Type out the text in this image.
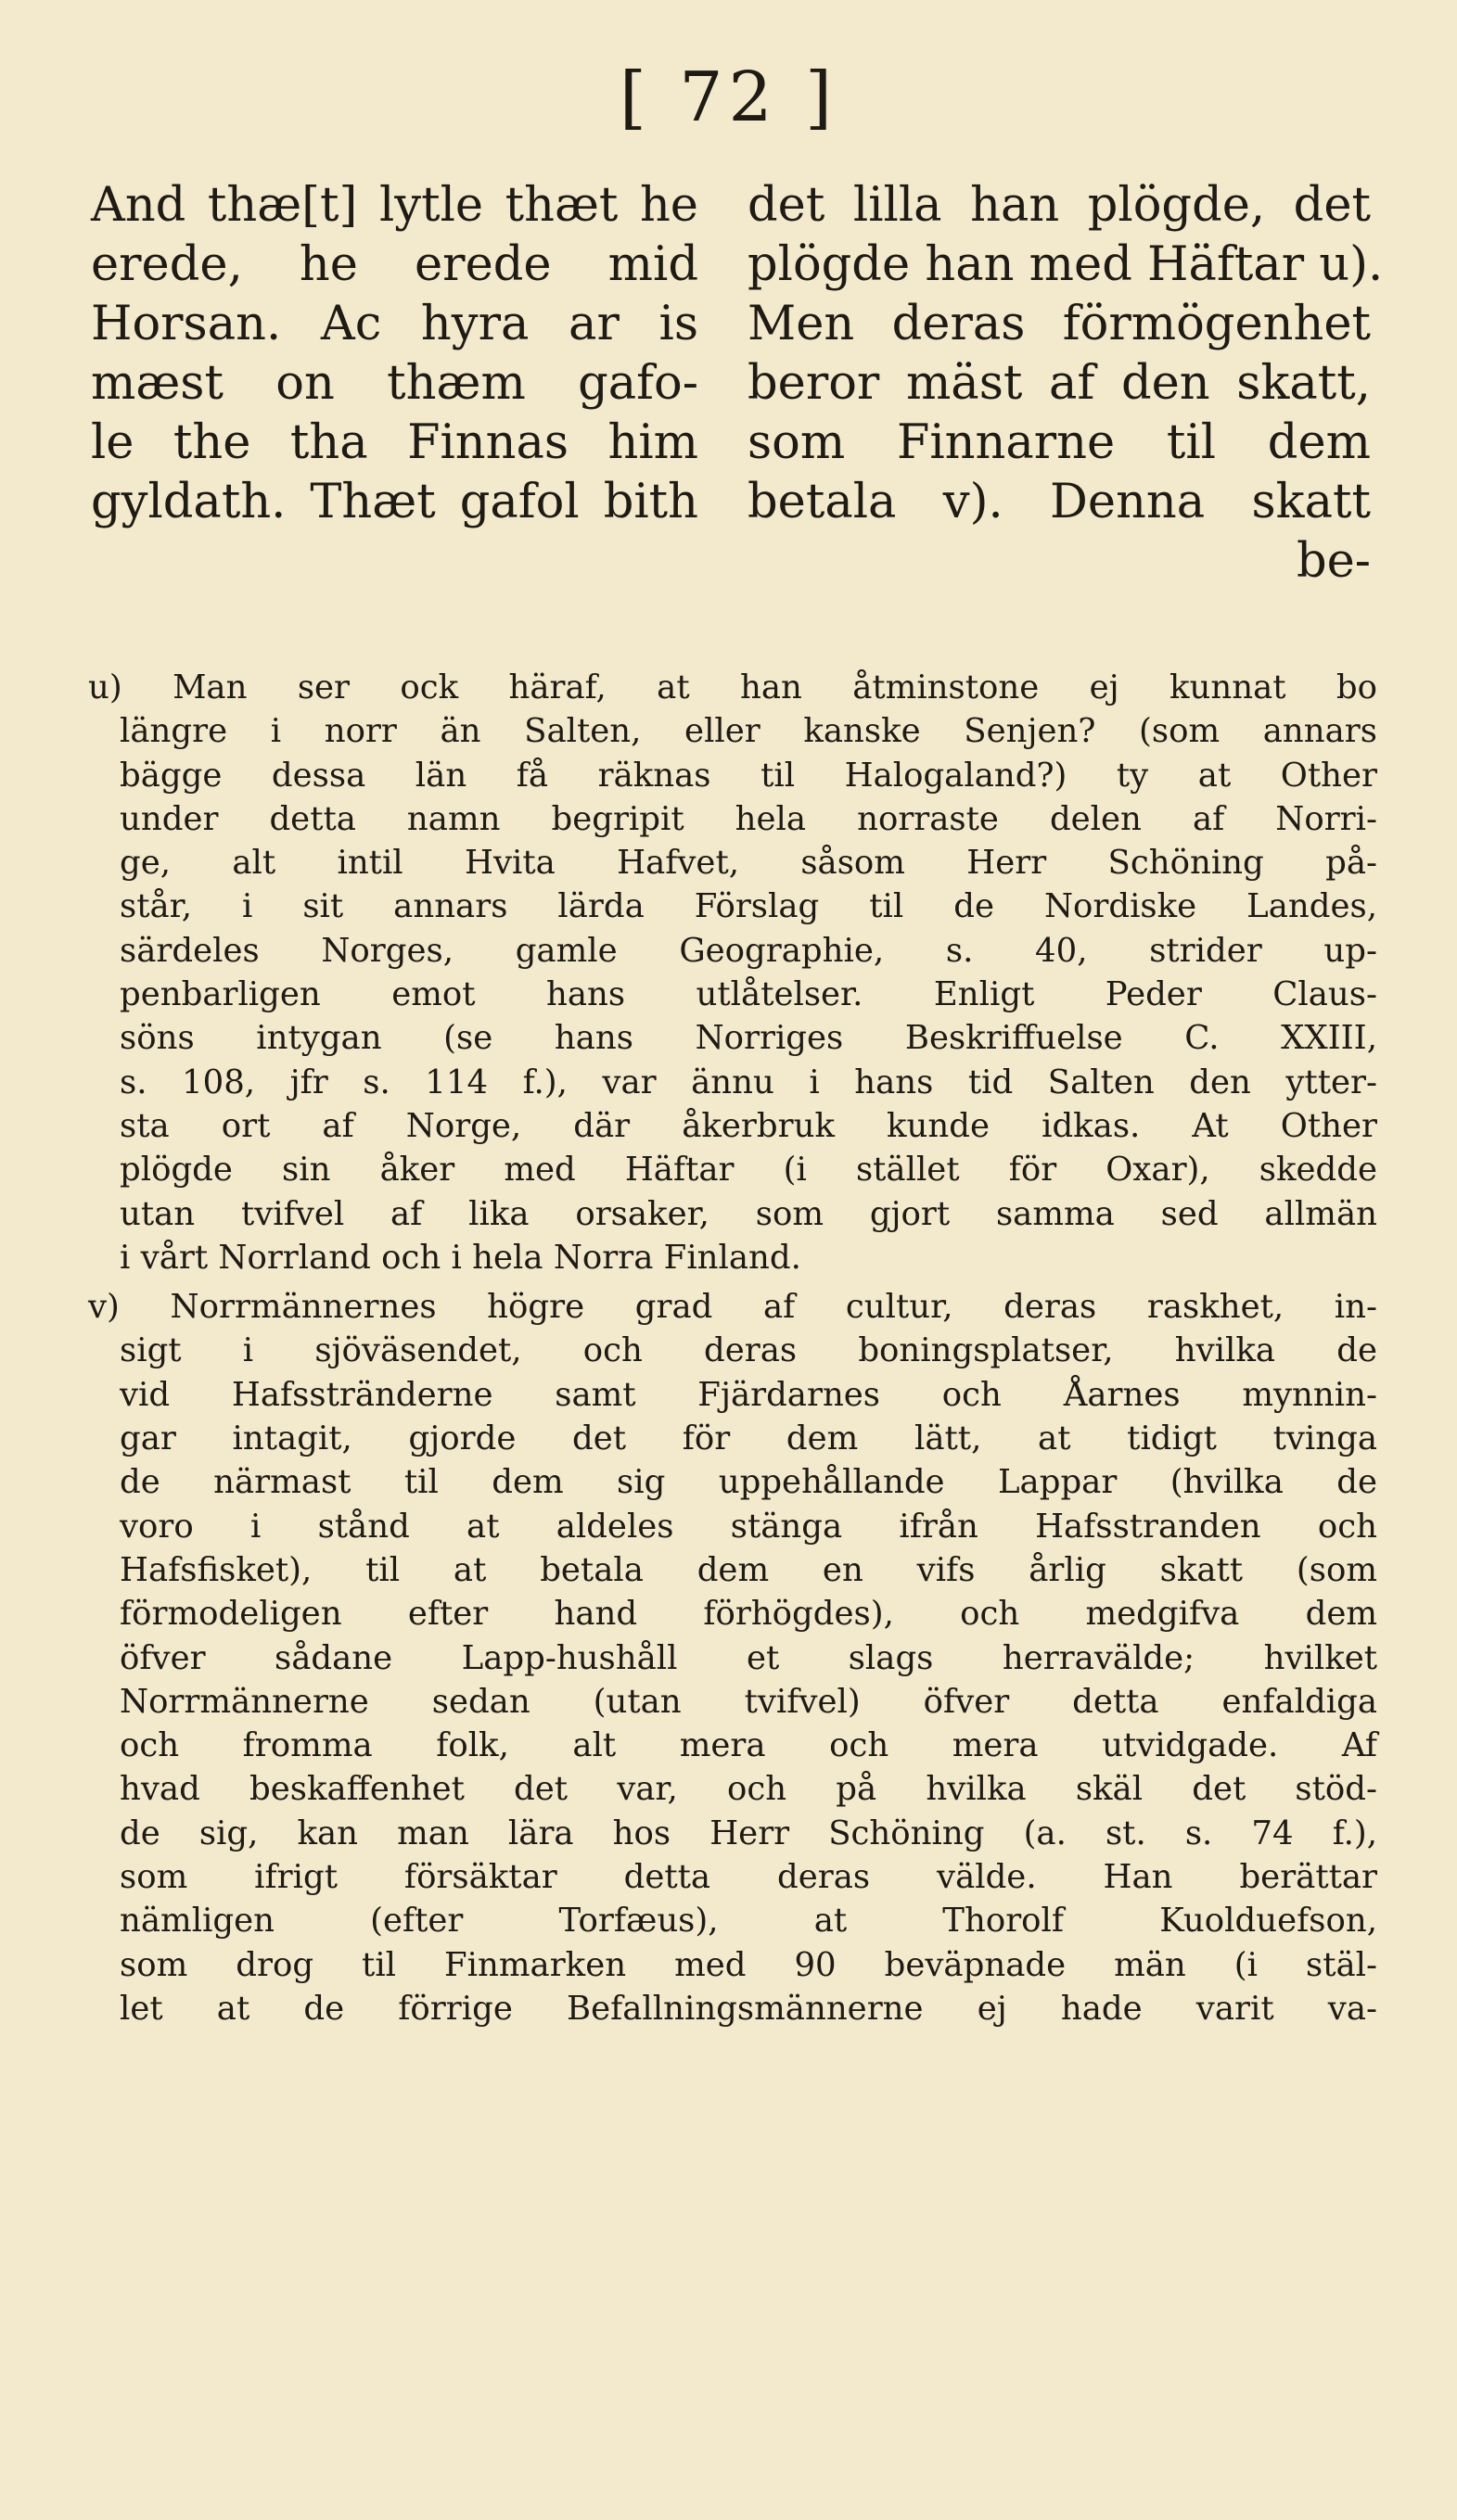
[ 72 ]
And thæ[t] lytle thæt he
erede, he erede mid
Horsan. Ac hyra ar is
mæst on thæm gafo-
le the tha Finnas him
gyldath. Thæt gafol bith
det lilla han plögde, det
plögde han med Häftar u).
Men deras förmögenhet
beror mäst af den skatt,
som Finnarne til dem
betala v). Denna skatt
be-
u) Man ser ock häraf, at han åtminstone ej kunnat bo
längre i norr än Salten, eller kanske Senjen? (som annars
bägge dessa län få räknas til Halogaland?) ty at Other
under detta namn begripit hela norraste delen af Norri-
ge, alt intil Hvita Hafvet, såsom Herr Schöning på-
står, i sit annars lärda Förslag til de Nordiske Landes,
särdeles Norges, gamle Geographie, s. 40, strider up-
penbarligen emot hans utlåtelser. Enligt Peder Claus-
söns intygan (se hans Norriges Beskriffuelse C. XXIII,
s. 108, jfr s. 114 f.), var ännu i hans tid Salten den ytter-
sta ort af Norge, där åkerbruk kunde idkas. At Other
plögde sin åker med Häftar (i stället för Oxar), skedde
utan tvifvel af lika orsaker, som gjort samma sed allmän
i vårt Norrland och i hela Norra Finland.
v) Norrmännernes högre grad af cultur, deras raskhet, in-
sigt i sjöväsendet, och deras boningsplatser, hvilka de
vid Hafsstränderne samt Fjärdarnes och Åarnes mynnin-
gar intagit, gjorde det för dem lätt, at tidigt tvinga
de närmast til dem sig uppehållande Lappar (hvilka de
voro i stånd at aldeles stänga ifrån Hafsstranden och
Hafsfisket), til at betala dem en vifs årlig skatt (som
förmodeligen efter hand förhögdes), och medgifva dem
öfver sådane Lapp-hushåll et slags herravälde; hvilket
Norrmännerne sedan (utan tvifvel) öfver detta enfaldiga
och fromma folk, alt mera och mera utvidgade. Af
hvad beskaffenhet det var, och på hvilka skäl det stöd-
de sig, kan man lära hos Herr Schöning (a. st. s. 74 f.),
som ifrigt försäktar detta deras välde. Han berättar
nämligen (efter Torfæus), at Thorolf Kuolduefson,
som drog til Finmarken med 90 beväpnade män (i stäl-
let at de förrige Befallningsmännerne ej hade varit va-
